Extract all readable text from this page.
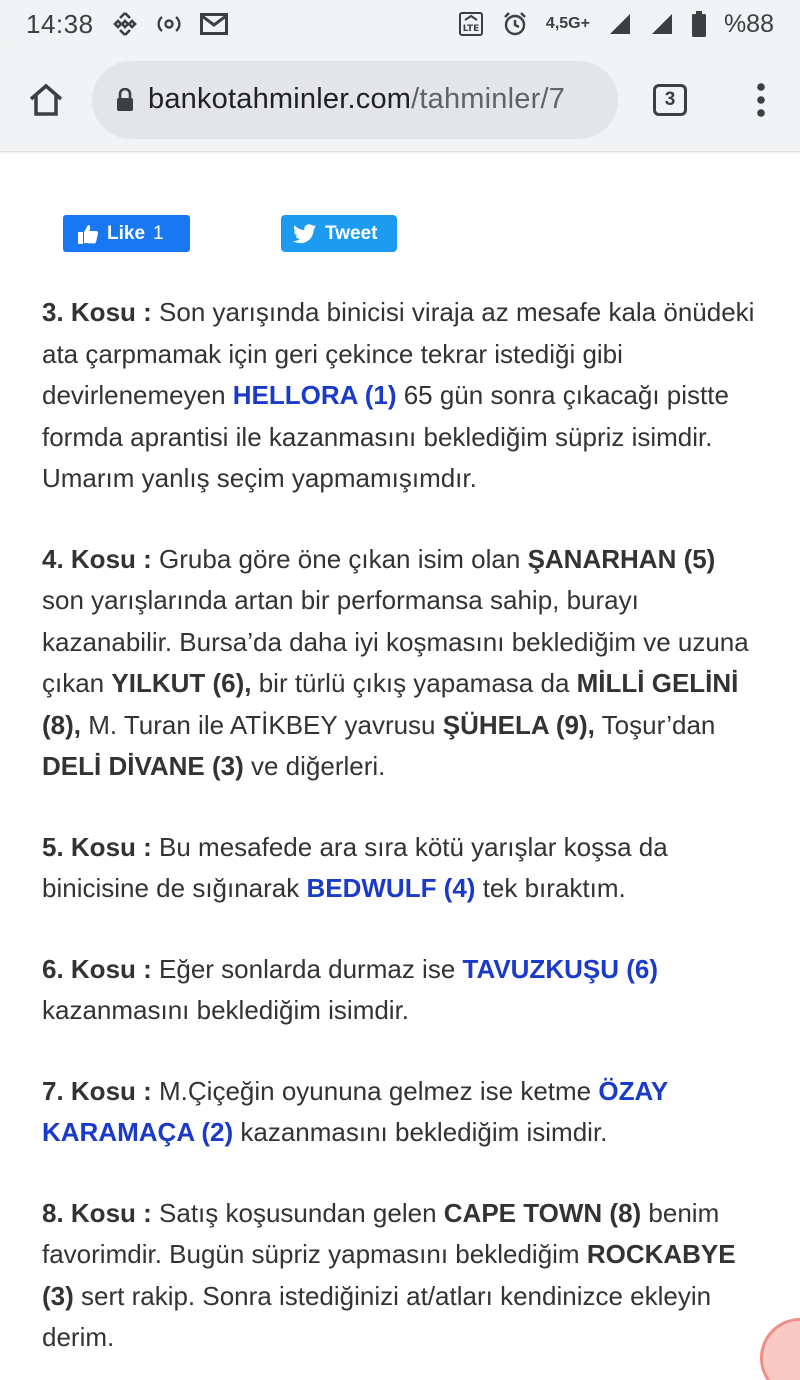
14:38	LTE	4,5G+	%88
bankotahminler.com/tahminler/7	3
Like 1	Tweet

3. Kosu : Son yarışında binicisi viraja az mesafe kala önüdeki ata çarpmamak için geri çekince tekrar istediği gibi devirlenemeyen HELLORA (1) 65 gün sonra çıkacağı pistte formda aprantisi ile kazanmasını beklediğim süpriz isimdir. Umarım yanlış seçim yapmamışımdır.

4. Kosu : Gruba göre öne çıkan isim olan ŞANARHAN (5) son yarışlarında artan bir performansa sahip, burayı kazanabilir. Bursa’da daha iyi koşmasını beklediğim ve uzuna çıkan YILKUT (6), bir türlü çıkış yapamasa da MİLLİ GELİNİ (8), M. Turan ile ATİKBEY yavrusu ŞÜHELA (9), Toşur’dan DELİ DİVANE (3) ve diğerleri.

5. Kosu : Bu mesafede ara sıra kötü yarışlar koşsa da binicisine de sığınarak BEDWULF (4) tek bıraktım.

6. Kosu : Eğer sonlarda durmaz ise TAVUZKUŞU (6) kazanmasını beklediğim isimdir.

7. Kosu : M.Çiçeğin oyununa gelmez ise ketme ÖZAY KARAMAÇA (2) kazanmasını beklediğim isimdir.

8. Kosu : Satış koşusundan gelen CAPE TOWN (8) benim favorimdir. Bugün süpriz yapmasını beklediğim ROCKABYE (3) sert rakip. Sonra istediğinizi at/atları kendinizce ekleyin derim.
